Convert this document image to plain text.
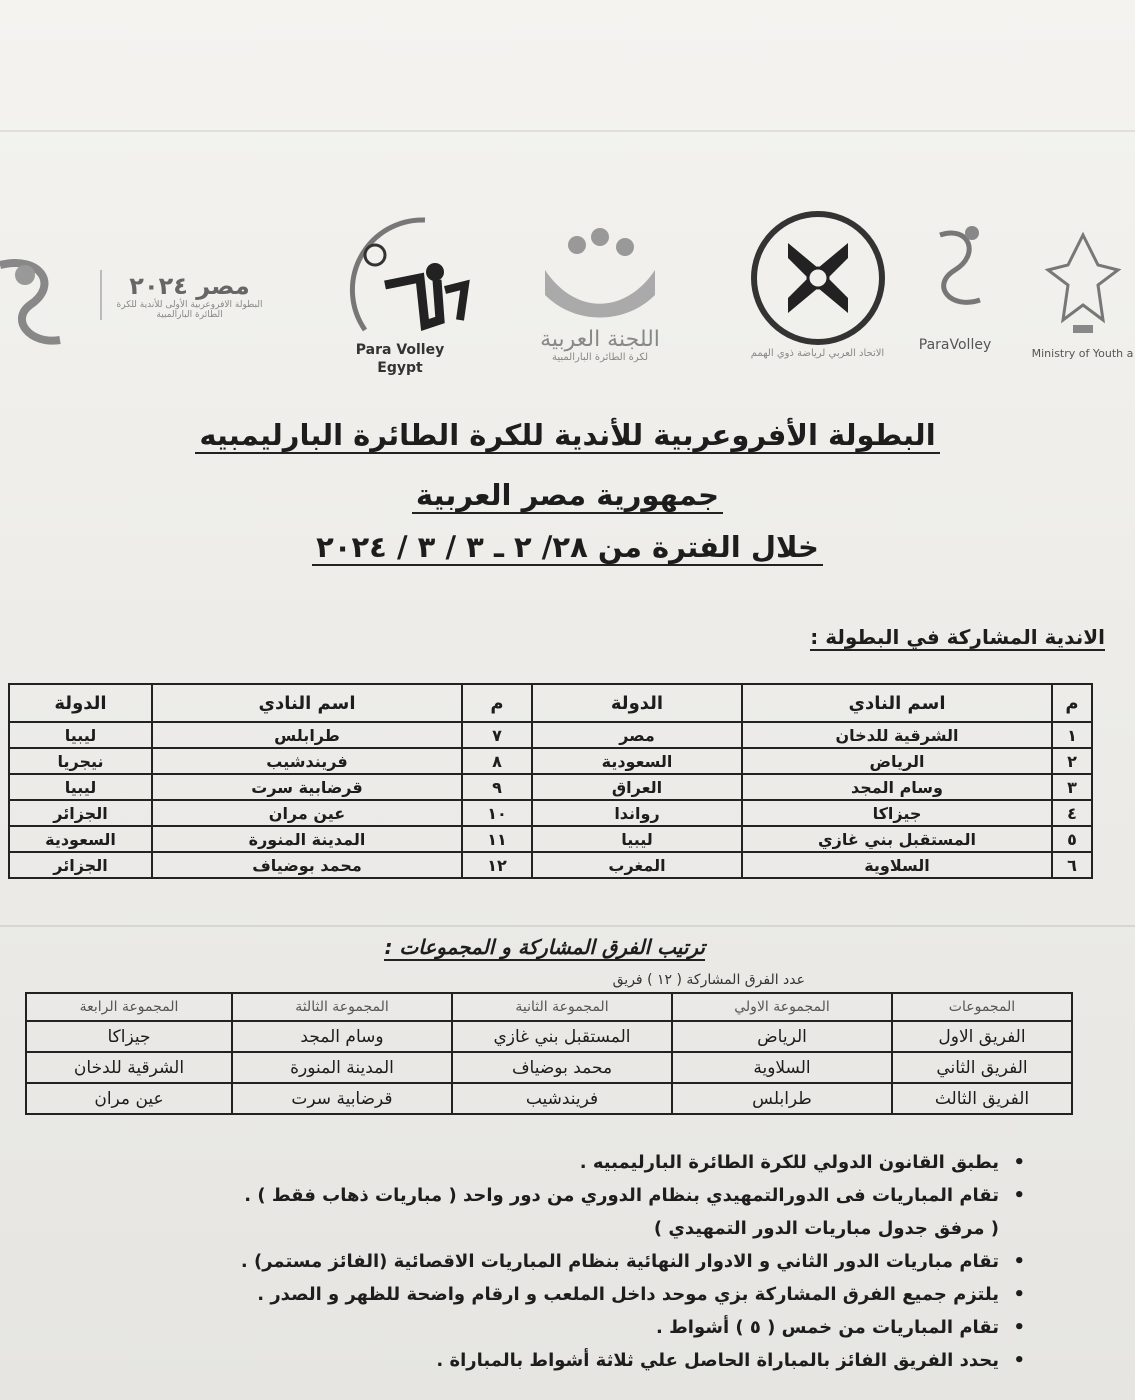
Ministry of Youth a
ParaVolley
الاتحاد العربي لرياضة ذوي الهمم
اللجنة العربية
لكرة الطائرة البارالمبية
Para Volley
Egypt
مصر ٢٠٢٤
البطولة الافروعربية الأولى للأندية للكرة الطائرة البارالمبية
البطولة الأفروعربية للأندية للكرة الطائرة البارليمبيه
جمهورية مصر العربية
خلال الفترة من ٢٨/ ٢ ـ ٣ / ٣ / ٢٠٢٤
الاندية المشاركة في البطولة :
م	اسم النادي	الدولة	م	اسم النادي	الدولة
١	الشرقية للدخان	مصر	٧	طرابلس	ليبيا
٢	الرياض	السعودية	٨	فريندشيب	نيجريا
٣	وسام المجد	العراق	٩	قرضابية سرت	ليبيا
٤	جيزاكا	رواندا	١٠	عين مران	الجزائر
٥	المستقبل بني غازي	ليبيا	١١	المدينة المنورة	السعودية
٦	السلاوية	المغرب	١٢	محمد بوضياف	الجزائر
ترتيب الفرق المشاركة و المجموعات :
عدد الفرق المشاركة ( ١٢ ) فريق
المجموعات	المجموعة الاولي	المجموعة الثانية	المجموعة الثالثة	المجموعة الرابعة
الفريق الاول	الرياض	المستقبل بني غازي	وسام المجد	جيزاكا
الفريق الثاني	السلاوية	محمد بوضياف	المدينة المنورة	الشرقية للدخان
الفريق الثالث	طرابلس	فريندشيب	قرضابية سرت	عين مران
•
يطبق القانون الدولي للكرة الطائرة البارليمبيه .
•
تقام المباريات فى الدورالتمهيدي بنظام الدوري من دور واحد ( مباريات ذهاب فقط ) .
( مرفق جدول مباريات الدور التمهيدي )
•
تقام مباريات الدور الثاني و الادوار النهائية بنظام المباريات الاقصائية (الفائز مستمر) .
•
يلتزم جميع الفرق المشاركة بزي موحد داخل الملعب و ارقام واضحة للظهر و الصدر .
•
تقام المباريات من خمس ( ٥ ) أشواط .
•
يحدد الفريق الفائز بالمباراة الحاصل علي ثلاثة أشواط بالمباراة .
